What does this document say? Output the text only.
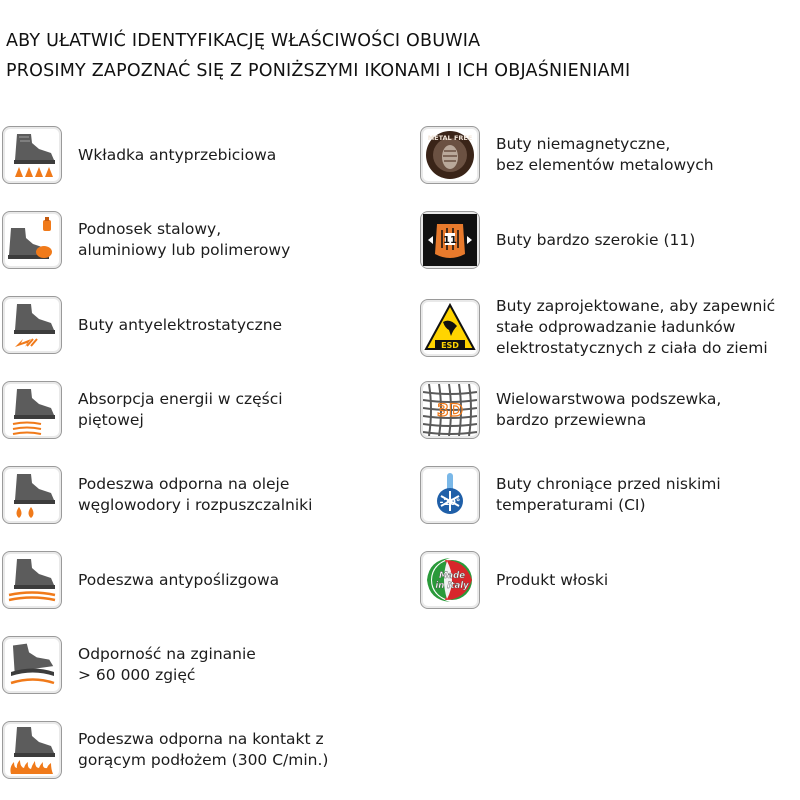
ABY UŁATWIĆ IDENTYFIKACJĘ WŁAŚCIWOŚCI OBUWIA
PROSIMY ZAPOZNAĆ SIĘ Z PONIŻSZYMI IKONAMI I ICH OBJAŚNIENIAMI
Wkładka antyprzebiciowa
Podnosek stalowy,
aluminiowy lub polimerowy
Buty antyelektrostatyczne
Absorpcja energii w części
piętowej
Podeszwa odporna na oleje
węglowodory i rozpuszczalniki
Podeszwa antypoślizgowa
Odporność na zginanie
> 60 000 zgięć
Podeszwa odporna na kontakt z
gorącym podłożem (300 C/min.)
METAL FREE Buty niemagnetyczne,
bez elementów metalowych
11	Buty bardzo szerokie (11)
ESD
Buty zaprojektowane, aby zapewnić
stałe odprowadzanie ładunków
elektrostatycznych z ciała do ziemi
3D
Wielowarstwowa podszewka,
bardzo przewiewna
-20°
Buty chroniące przed niskimi
temperaturami (CI)
Made
in Italy Produkt włoski
